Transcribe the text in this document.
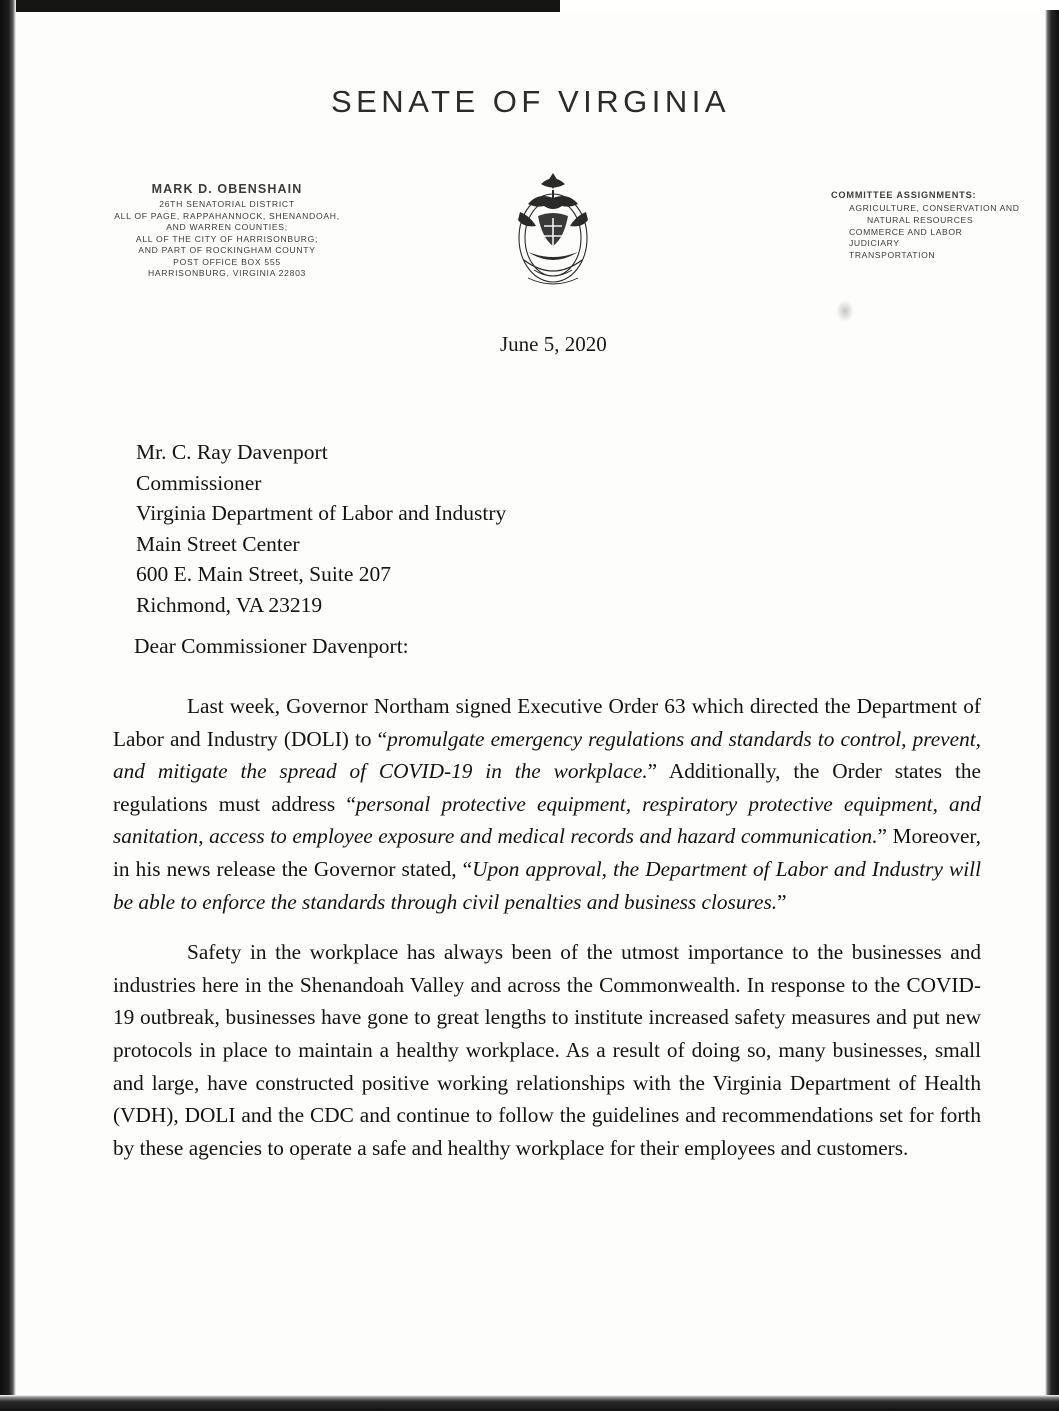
SENATE OF VIRGINIA
MARK D. OBENSHAIN
26TH SENATORIAL DISTRICT
ALL OF PAGE, RAPPAHANNOCK, SHENANDOAH,
AND WARREN COUNTIES;
ALL OF THE CITY OF HARRISONBURG;
AND PART OF ROCKINGHAM COUNTY
POST OFFICE BOX 555
HARRISONBURG, VIRGINIA 22803
COMMITTEE ASSIGNMENTS:
AGRICULTURE, CONSERVATION AND
NATURAL RESOURCES
COMMERCE AND LABOR
JUDICIARY
TRANSPORTATION
June 5, 2020
Mr. C. Ray Davenport
Commissioner
Virginia Department of Labor and Industry
Main Street Center
600 E. Main Street, Suite 207
Richmond, VA 23219
Dear Commissioner Davenport:

Last week, Governor Northam signed Executive Order 63 which directed the Department of Labor and Industry (DOLI) to “promulgate emergency regulations and standards to control, prevent, and mitigate the spread of COVID-19 in the workplace.” Additionally, the Order states the regulations must address “personal protective equipment, respiratory protective equipment, and sanitation, access to employee exposure and medical records and hazard communication.” Moreover, in his news release the Governor stated, “Upon approval, the Department of Labor and Industry will be able to enforce the standards through civil penalties and business closures.”

Safety in the workplace has always been of the utmost importance to the businesses and industries here in the Shenandoah Valley and across the Commonwealth. In response to the COVID-19 outbreak, businesses have gone to great lengths to institute increased safety measures and put new protocols in place to maintain a healthy workplace. As a result of doing so, many businesses, small and large, have constructed positive working relationships with the Virginia Department of Health (VDH), DOLI and the CDC and continue to follow the guidelines and recommendations set for forth by these agencies to operate a safe and healthy workplace for their employees and customers.
